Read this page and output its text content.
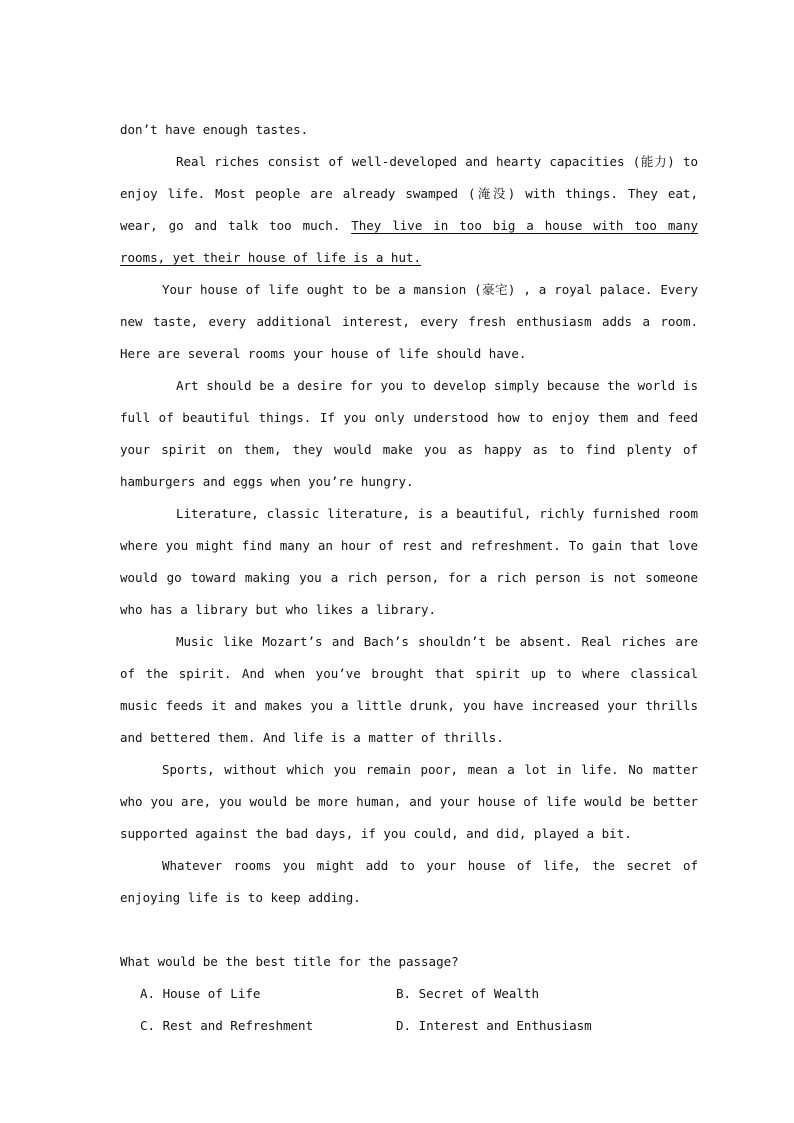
don’t have enough tastes.

Real riches consist of well-developed and hearty capacities (能力) to enjoy life. Most people are already swamped (淹没) with things. They eat, wear, go and talk too much. They live in too big a house with too many rooms, yet their house of life is a hut.

Your house of life ought to be a mansion (豪宅) , a royal palace. Every new taste, every additional interest, every fresh enthusiasm adds a room. Here are several rooms your house of life should have.

Art should be a desire for you to develop simply because the world is full of beautiful things. If you only understood how to enjoy them and feed your spirit on them, they would make you as happy as to find plenty of hamburgers and eggs when you’re hungry.

Literature, classic literature, is a beautiful, richly furnished room where you might find many an hour of rest and refreshment. To gain that love would go toward making you a rich person, for a rich person is not someone who has a library but who likes a library.

Music like Mozart’s and Bach’s shouldn’t be absent. Real riches are of the spirit. And when you’ve brought that spirit up to where classical music feeds it and makes you a little drunk, you have increased your thrills and bettered them. And life is a matter of thrills.

Sports, without which you remain poor, mean a lot in life. No matter who you are, you would be more human, and your house of life would be better supported against the bad days, if you could, and did, played a bit.

Whatever rooms you might add to your house of life, the secret of enjoying life is to keep adding.

What would be the best title for the passage?

A. House of Life	B. Secret of Wealth
C. Rest and Refreshment	D. Interest and Enthusiasm
